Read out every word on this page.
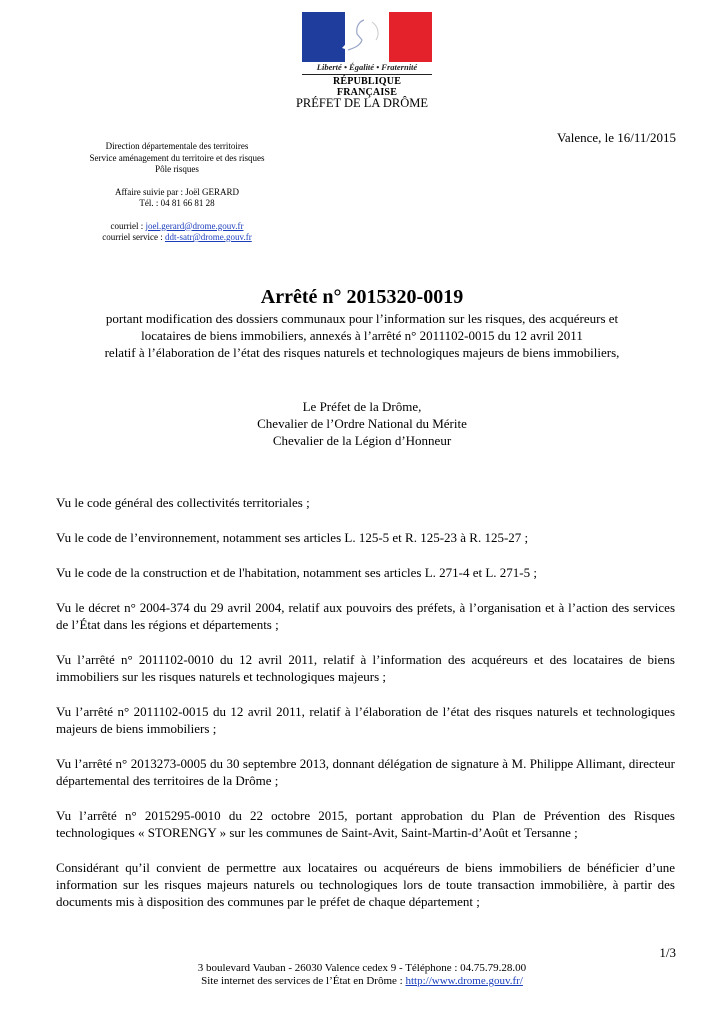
Liberté • Égalité • Fraternité
RÉPUBLIQUE FRANÇAISE
PRÉFET DE LA DRÔME
Valence, le 16/11/2015
Direction départementale des territoires
Service aménagement du territoire et des risques
Pôle risques
Affaire suivie par : Joël GERARD
Tél. : 04 81 66 81 28
courriel : joel.gerard@drome.gouv.fr
courriel service : ddt-satr@drome.gouv.fr
Arrêté n° 2015320-0019
portant modification des dossiers communaux pour l’information sur les risques, des acquéreurs et
locataires de biens immobiliers, annexés à l’arrêté n° 2011102-0015 du 12 avril 2011
relatif à l’élaboration de l’état des risques naturels et technologiques majeurs de biens immobiliers,
Le Préfet de la Drôme,
Chevalier de l’Ordre National du Mérite
Chevalier de la Légion d’Honneur

Vu le code général des collectivités territoriales ;

Vu le code de l’environnement, notamment ses articles L. 125-5 et R. 125-23 à R. 125-27 ;

Vu le code de la construction et de l'habitation, notamment ses articles L. 271-4 et L. 271-5 ;

Vu le décret n° 2004-374 du 29 avril 2004, relatif aux pouvoirs des préfets, à l’organisation et à l’action des services de l’État dans les régions et départements ;

Vu l’arrêté n° 2011102-0010 du 12 avril 2011, relatif à l’information des acquéreurs et des locataires de biens immobiliers sur les risques naturels et technologiques majeurs ;

Vu l’arrêté n° 2011102-0015 du 12 avril 2011, relatif à l’élaboration de l’état des risques naturels et technologiques majeurs de biens immobiliers ;

Vu l’arrêté n° 2013273-0005 du 30 septembre 2013, donnant délégation de signature à M. Philippe Allimant, directeur départemental des territoires de la Drôme ;

Vu l’arrêté n° 2015295-0010 du 22 octobre 2015, portant approbation du Plan de Prévention des Risques technologiques « STORENGY » sur les communes de Saint-Avit, Saint-Martin-d’Août et Tersanne ;

Considérant qu’il convient de permettre aux locataires ou acquéreurs de biens immobiliers de bénéficier d’une information sur les risques majeurs naturels ou technologiques lors de toute transaction immobilière, à partir des documents mis à disposition des communes par le préfet de chaque département ;

1/3
3 boulevard Vauban - 26030 Valence cedex 9 - Téléphone : 04.75.79.28.00
Site internet des services de l’État en Drôme : http://www.drome.gouv.fr/
